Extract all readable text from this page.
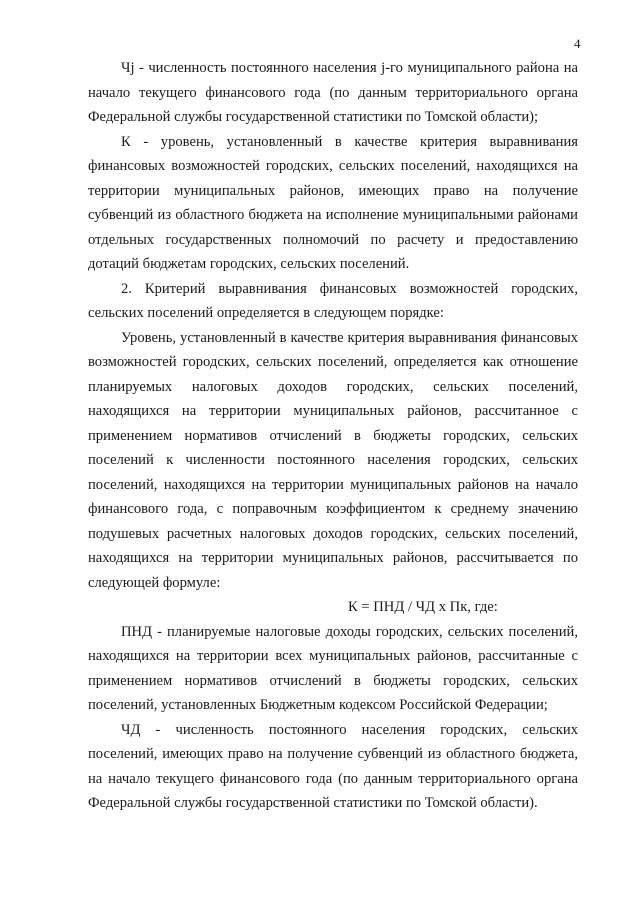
4

Чj - численность постоянного населения j-го муниципального района на начало текущего финансового года (по данным территориального органа Федеральной службы государственной статистики по Томской области);

К - уровень, установленный в качестве критерия выравнивания финансовых возможностей городских, сельских поселений, находящихся на территории муниципальных районов, имеющих право на получение субвенций из областного бюджета на исполнение муниципальными районами отдельных государственных полномочий по расчету и предоставлению дотаций бюджетам городских, сельских поселений.

2. Критерий выравнивания финансовых возможностей городских, сельских поселений определяется в следующем порядке:

Уровень, установленный в качестве критерия выравнивания финансовых возможностей городских, сельских поселений, определяется как отношение планируемых налоговых доходов городских, сельских поселений, находящихся на территории муниципальных районов, рассчитанное с применением нормативов отчислений в бюджеты городских, сельских поселений к численности постоянного населения городских, сельских поселений, находящихся на территории муниципальных районов на начало финансового года, с поправочным коэффициентом к среднему значению подушевых расчетных налоговых доходов городских, сельских поселений, находящихся на территории муниципальных районов, рассчитывается по следующей формуле:

К = ПНД / ЧД х Пк, где:

ПНД - планируемые налоговые доходы городских, сельских поселений, находящихся на территории всех муниципальных районов, рассчитанные с применением нормативов отчислений в бюджеты городских, сельских поселений, установленных Бюджетным кодексом Российской Федерации;

ЧД - численность постоянного населения городских, сельских поселений, имеющих право на получение субвенций из областного бюджета, на начало текущего финансового года (по данным территориального органа Федеральной службы государственной статистики по Томской области).
